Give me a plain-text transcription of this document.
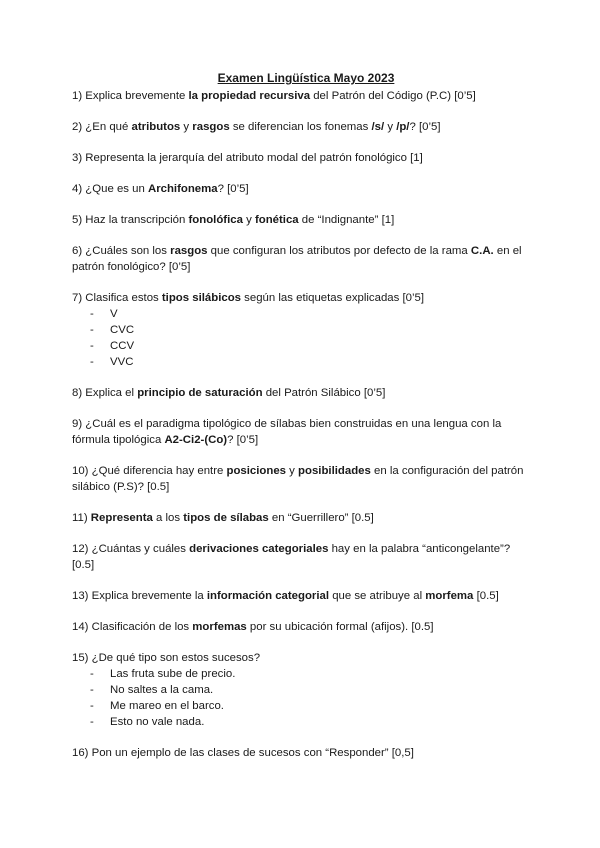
Examen Lingüística Mayo 2023

1) Explica brevemente la propiedad recursiva del Patrón del Código (P.C) [0’5]

2) ¿En qué atributos y rasgos se diferencian los fonemas /s/ y /p/? [0’5]

3) Representa la jerarquía del atributo modal del patrón fonológico [1]

4) ¿Que es un Archifonema? [0’5]

5) Haz la transcripción fonolófica y fonética de “Indignante” [1]

6) ¿Cuáles son los rasgos que configuran los atributos por defecto de la rama C.A. en el patrón fonológico? [0’5]

7) Clasifica estos tipos silábicos según las etiquetas explicadas [0’5]

- V
- CVC
- CCV
- VVC

8) Explica el principio de saturación del Patrón Silábico [0’5]

9) ¿Cuál es el paradigma tipológico de sílabas bien construidas en una lengua con la fórmula tipológica A2-Ci2-(Co)? [0’5]

10) ¿Qué diferencia hay entre posiciones y posibilidades en la configuración del patrón silábico (P.S)? [0.5]

11) Representa a los tipos de sílabas en “Guerrillero” [0.5]

12) ¿Cuántas y cuáles derivaciones categoriales hay en la palabra “anticongelante”? [0.5]

13) Explica brevemente la información categorial que se atribuye al morfema [0.5]

14) Clasificación de los morfemas por su ubicación formal (afijos). [0.5]

15) ¿De qué tipo son estos sucesos?

- Las fruta sube de precio.
- No saltes a la cama.
- Me mareo en el barco.
- Esto no vale nada.

16) Pon un ejemplo de las clases de sucesos con “Responder” [0,5]
